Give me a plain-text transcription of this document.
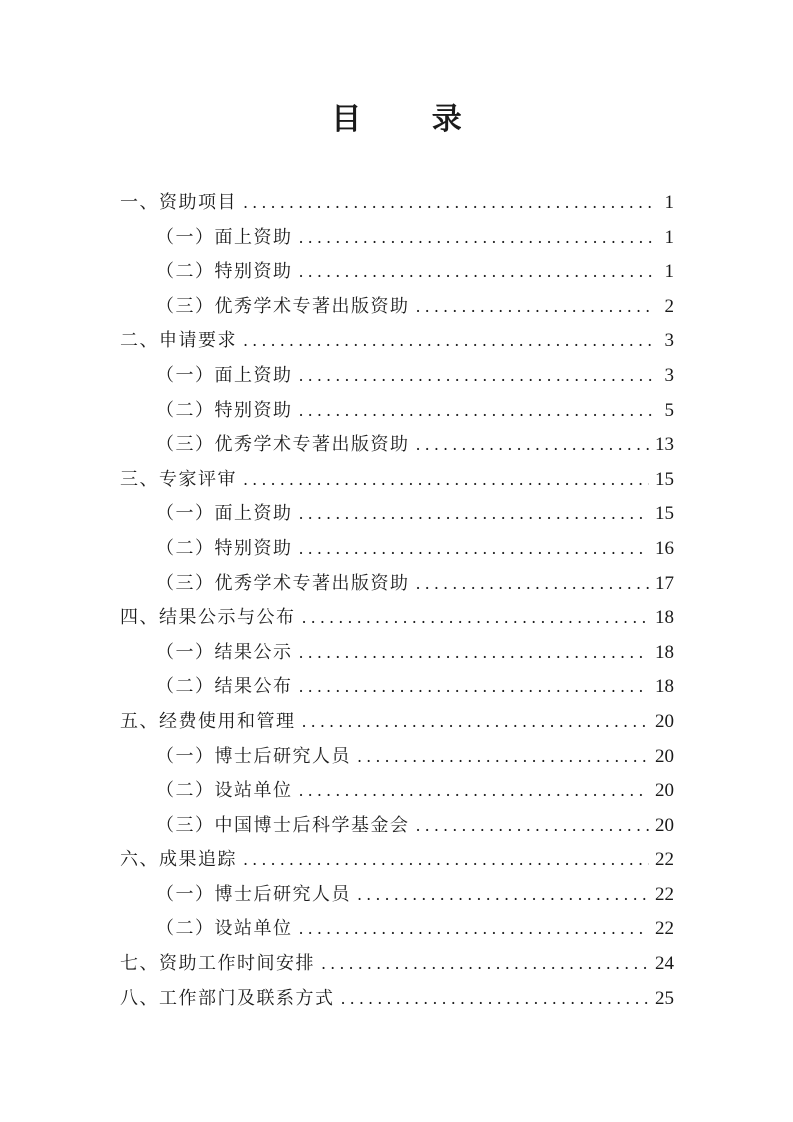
目 录
一、资助项目 .....	1
（一）面上资助 .....	1
（二）特别资助 .....	1
（三）优秀学术专著出版资助 .....	2
二、申请要求 .....	3
（一）面上资助 .....	3
（二）特别资助 .....	5
（三）优秀学术专著出版资助 .....	13
三、专家评审 .....	15
（一）面上资助 .....	15
（二）特别资助 .....	16
（三）优秀学术专著出版资助 .....	17
四、结果公示与公布 .....	18
（一）结果公示 .....	18
（二）结果公布 .....	18
五、经费使用和管理 .....	20
（一）博士后研究人员 .....	20
（二）设站单位 .....	20
（三）中国博士后科学基金会 .....	20
六、成果追踪 .....	22
（一）博士后研究人员 .....	22
（二）设站单位 .....	22
七、资助工作时间安排 .....	24
八、工作部门及联系方式 .....	25
